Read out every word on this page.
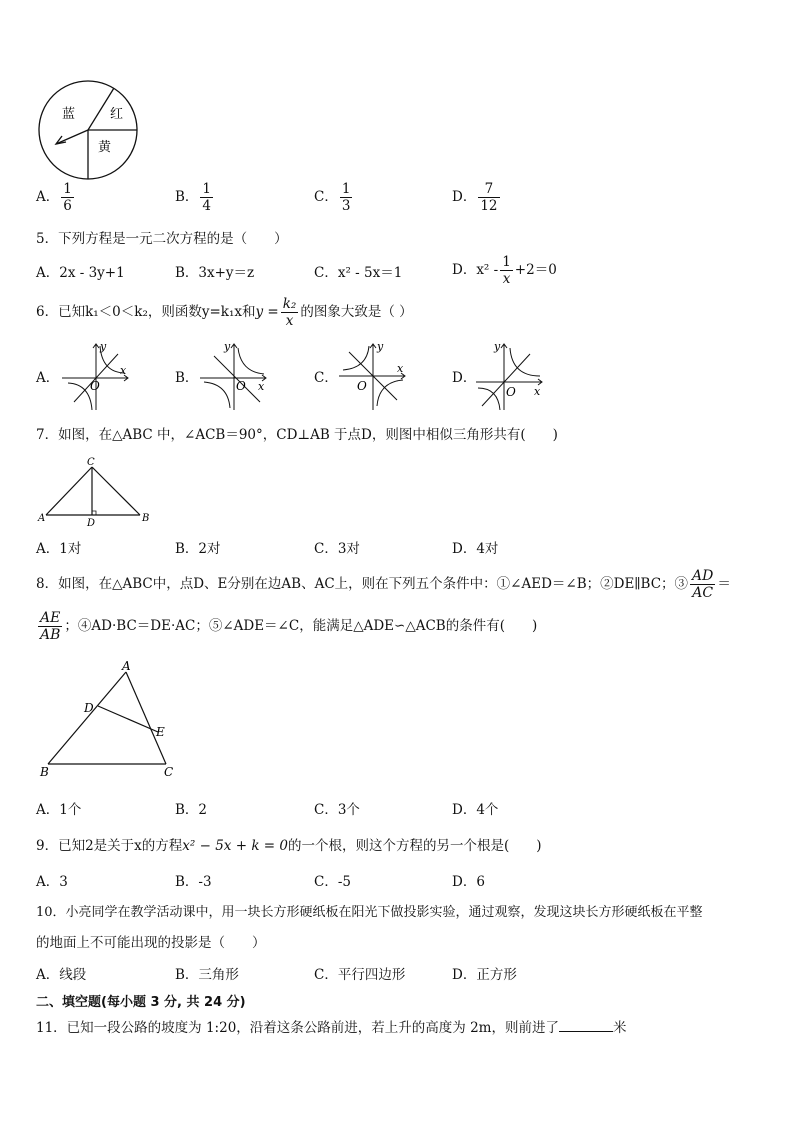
蓝	红
黄
A． $\frac{1}{6}$	B． $\frac{1}{4}$	C． $\frac{1}{3}$	D． $\frac{7}{12}$
5．下列方程是一元二次方程的是（　　）
A．2x - 3y+1	B．3x+y＝z	C．x² - 5x＝1	D．$x^2 - \frac{1}{x} +2=0$
6．已知k₁＜0＜k₂，则函数y=k₁x和$y = \frac{\text{k₂}}{x}$ 的图象大致是（ ）
A．	B．	C．	D．
x
y
O	x
y
O
x
y
O	x
y
O
7．如图，在△ABC 中，∠ACB＝90°，CD⊥AB 于点D，则图中相似三角形共有(　　)
A	B
C
D
A．1对	B．2对	C．3对	D．4对
8．如图，在△ABC中，点D、E分别在边AB、AC上，则在下列五个条件中：①∠AED＝∠B；②DE∥BC；③ $\frac{AD}{AC}$ ＝
$\frac{AE}{AB}$ ；④AD·BC＝DE·AC；⑤∠ADE＝∠C，能满足△ADE∽△ACB的条件有(　　)
A
D
E
B	C
A．1个	B．2	C．3个	D．4个
9．已知2是关于x的方程x² − 5x + k = 0的一个根，则这个方程的另一个根是(　　)
A．3	B．-3	C．-5	D．6
10．小亮同学在教学活动课中，用一块长方形硬纸板在阳光下做投影实验，通过观察，发现这块长方形硬纸板在平整
的地面上不可能出现的投影是（　　）
A．线段	B．三角形	C．平行四边形	D．正方形
二、填空题(每小题 3 分, 共 24 分)
11．已知一段公路的坡度为 1:20，沿着这条公路前进，若上升的高度为 2m，则前进了	米
